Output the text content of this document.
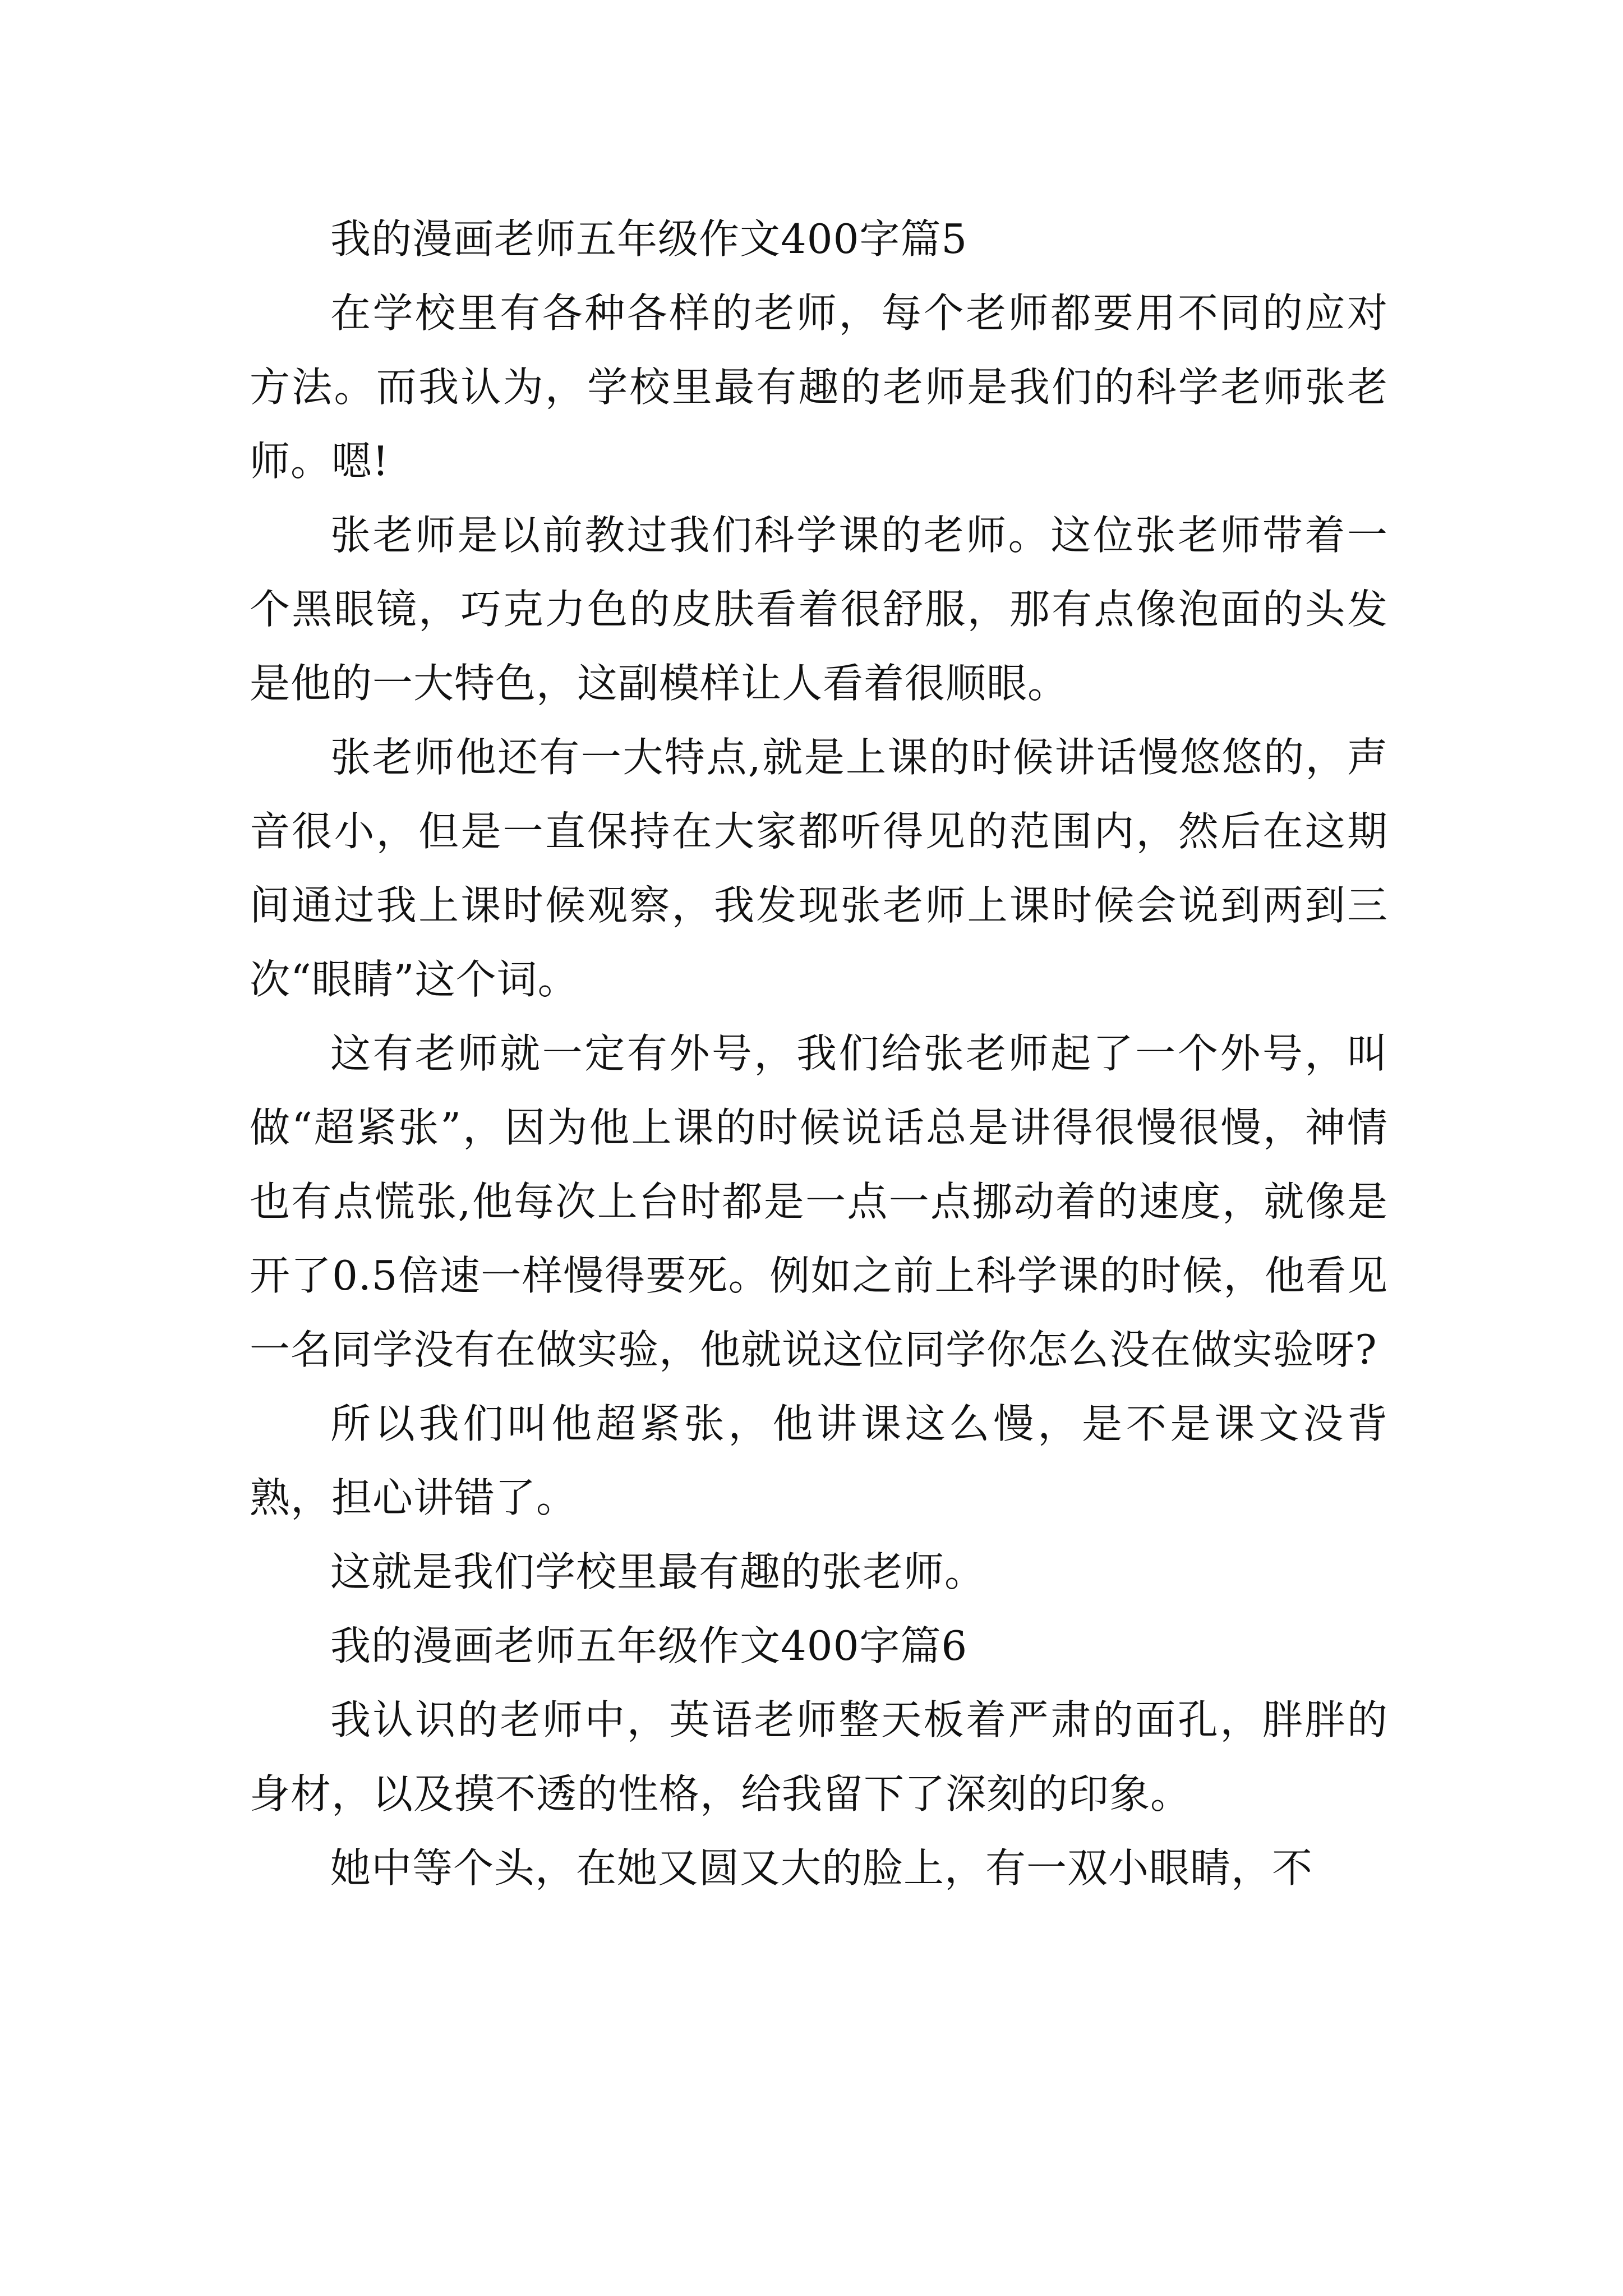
我的漫画老师五年级作文400字篇5

在学校里有各种各样的老师，每个老师都要用不同的应对方法。而我认为，学校里最有趣的老师是我们的科学老师张老师。嗯!

张老师是以前教过我们科学课的老师。这位张老师带着一个黑眼镜，巧克力色的皮肤看着很舒服，那有点像泡面的头发是他的一大特色，这副模样让人看着很顺眼。

张老师他还有一大特点,就是上课的时候讲话慢悠悠的，声音很小，但是一直保持在大家都听得见的范围内，然后在这期间通过我上课时候观察，我发现张老师上课时候会说到两到三次“眼睛”这个词。

这有老师就一定有外号，我们给张老师起了一个外号，叫做“超紧张”，因为他上课的时候说话总是讲得很慢很慢，神情也有点慌张,他每次上台时都是一点一点挪动着的速度，就像是开了0.5倍速一样慢得要死。例如之前上科学课的时候，他看见一名同学没有在做实验，他就说这位同学你怎么没在做实验呀?

所以我们叫他超紧张，他讲课这么慢，是不是课文没背熟，担心讲错了。

这就是我们学校里最有趣的张老师。

我的漫画老师五年级作文400字篇6

我认识的老师中，英语老师整天板着严肃的面孔，胖胖的身材，以及摸不透的性格，给我留下了深刻的印象。

她中等个头，在她又圆又大的脸上，有一双小眼睛，不
